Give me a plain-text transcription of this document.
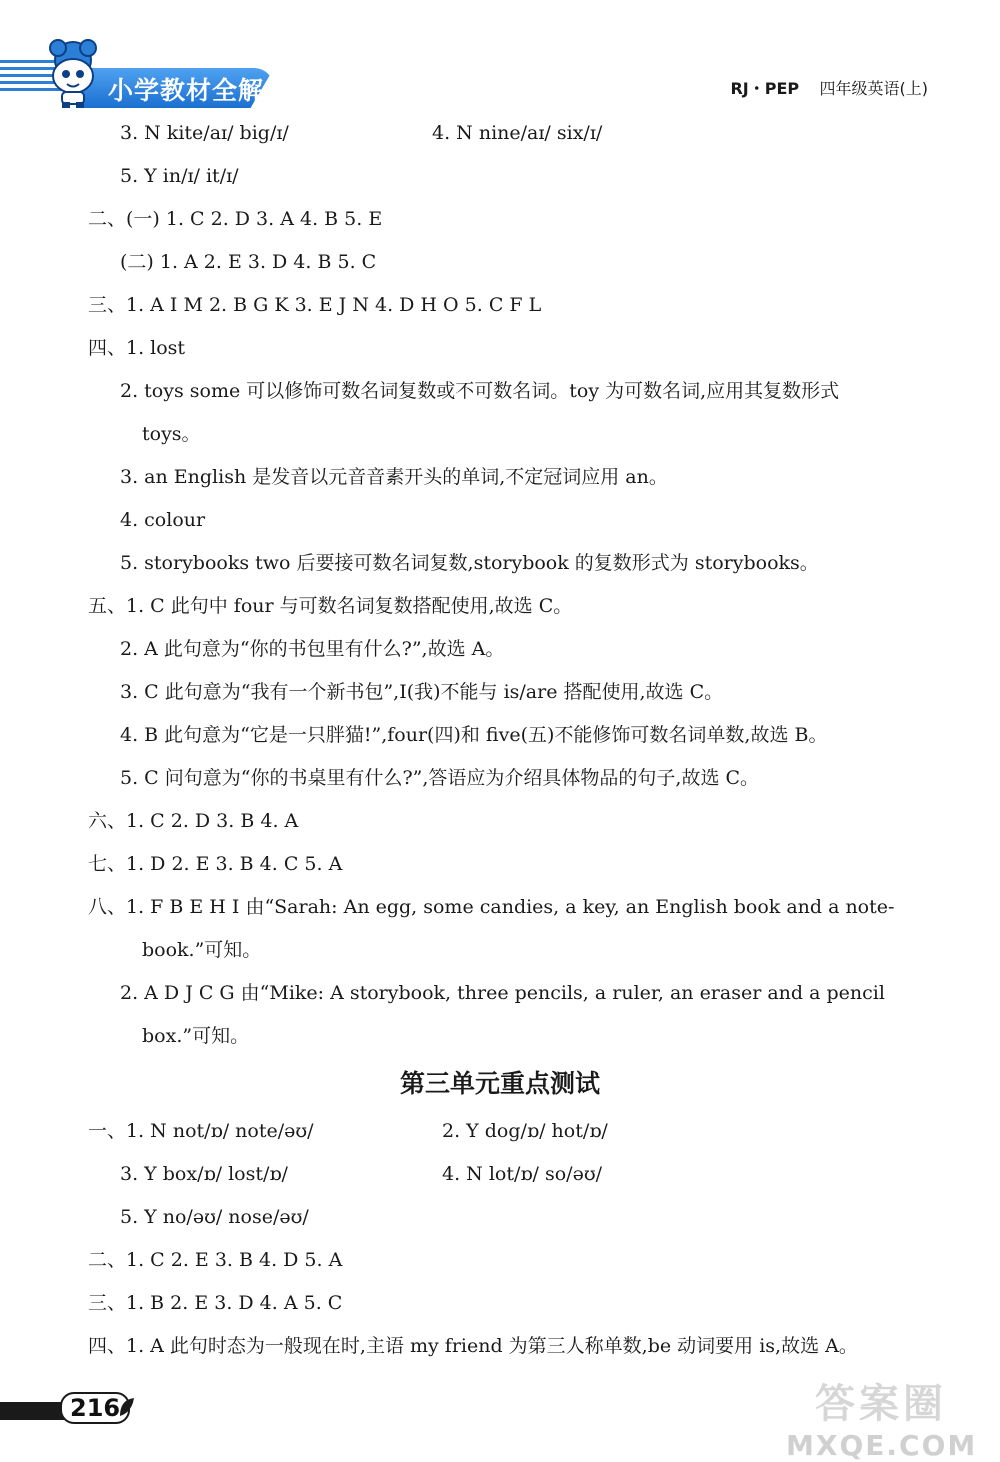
小学教材全解	RJ・PEP 四年级英语(上)
3. N kite/aɪ/ big/ɪ/	4. N nine/aɪ/ six/ɪ/
5. Y in/ɪ/ it/ɪ/
二、(一) 1. C 2. D 3. A 4. B 5. E
(二) 1. A 2. E 3. D 4. B 5. C
三、1. A I M 2. B G K 3. E J N 4. D H O 5. C F L
四、1. lost
2. toys some 可以修饰可数名词复数或不可数名词。toy 为可数名词,应用其复数形式
toys。
3. an English 是发音以元音音素开头的单词,不定冠词应用 an。
4. colour
5. storybooks two 后要接可数名词复数,storybook 的复数形式为 storybooks。
五、1. C 此句中 four 与可数名词复数搭配使用,故选 C。
2. A 此句意为“你的书包里有什么?”,故选 A。
3. C 此句意为“我有一个新书包”,I(我)不能与 is/are 搭配使用,故选 C。
4. B 此句意为“它是一只胖猫!”,four(四)和 five(五)不能修饰可数名词单数,故选 B。
5. C 问句意为“你的书桌里有什么?”,答语应为介绍具体物品的句子,故选 C。
六、1. C 2. D 3. B 4. A
七、1. D 2. E 3. B 4. C 5. A
八、1. F B E H I 由“Sarah: An egg, some candies, a key, an English book and a note-
book.”可知。
2. A D J C G 由“Mike: A storybook, three pencils, a ruler, an eraser and a pencil
box.”可知。
第三单元重点测试
一、1. N not/ɒ/ note/əʊ/	2. Y dog/ɒ/ hot/ɒ/
3. Y box/ɒ/ lost/ɒ/	4. N lot/ɒ/ so/əʊ/
5. Y no/əʊ/ nose/əʊ/
二、1. C 2. E 3. B 4. D 5. A
三、1. B 2. E 3. D 4. A 5. C
四、1. A 此句时态为一般现在时,主语 my friend 为第三人称单数,be 动词要用 is,故选 A。
216	答案圈
MXQE.COM
